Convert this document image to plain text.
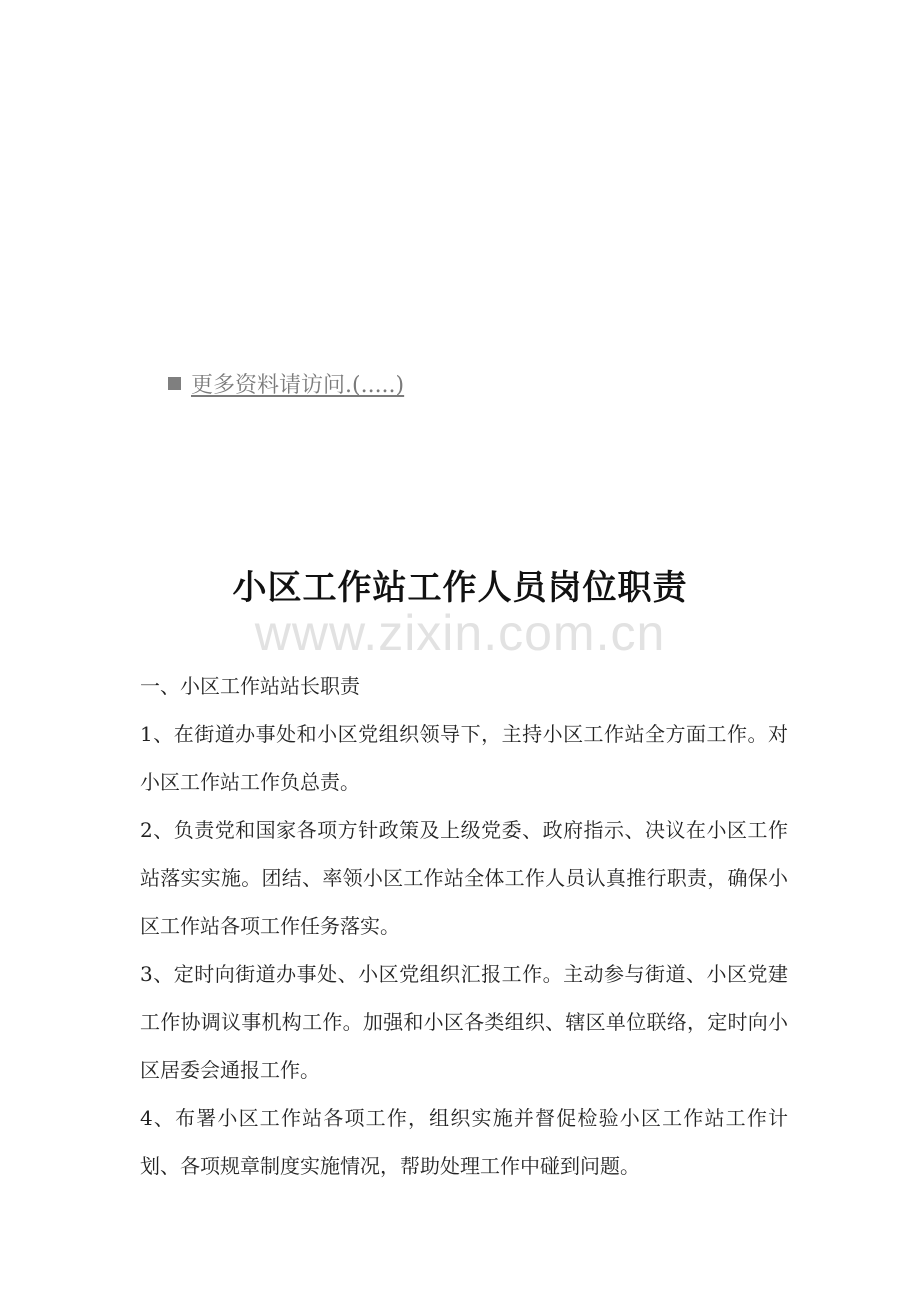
更多资料请访问.(.....)
小区工作站工作人员岗位职责
www.zixin.com.cn

一、小区工作站站长职责

1、在街道办事处和小区党组织领导下，主持小区工作站全方面工作。对小区工作站工作负总责。

2、负责党和国家各项方针政策及上级党委、政府指示、决议在小区工作站落实实施。团结、率领小区工作站全体工作人员认真推行职责，确保小区工作站各项工作任务落实。

3、定时向街道办事处、小区党组织汇报工作。主动参与街道、小区党建工作协调议事机构工作。加强和小区各类组织、辖区单位联络，定时向小区居委会通报工作。

4、布署小区工作站各项工作，组织实施并督促检验小区工作站工作计划、各项规章制度实施情况，帮助处理工作中碰到问题。
